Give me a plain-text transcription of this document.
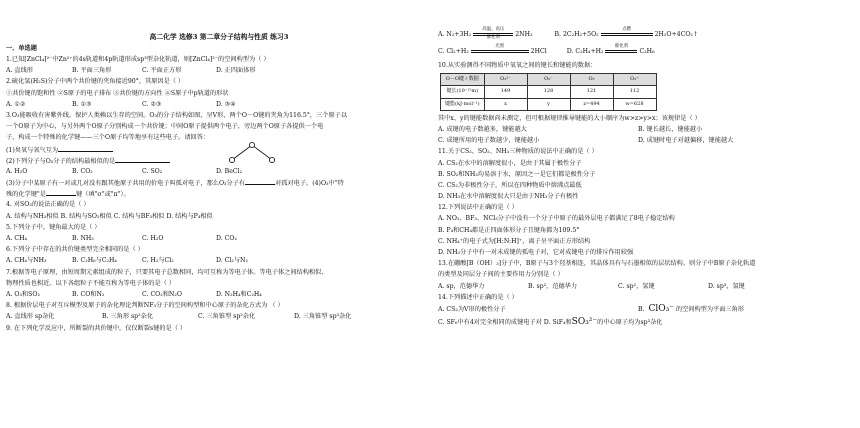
高二化学 选修3 第二章分子结构与性质 练习3
一、单选题
1.已知[ZnCl₄]²⁻中Zn²⁺的4s轨道和4p轨道形成sp³型杂化轨道，则[ZnCl₄]²⁻的空间构型为（ ）
A. 直线形	B. 平面三角形	C. 平面正方形	D. 正四面体形
2.硫化氢(H₂S)分子中两个共价键的夹角接近90°，其原因是（ ）
①共价键的饱和性 ②S原子的电子排布 ③共价键的方向性 ④S原子中p轨道的形状
A. ①②	B. ①③	C. ②③	D. ③④
3.O₃能吸收有害紫外线，保护人类赖以生存的空间。O₃的分子结构如图，呈V形，两个O－O键的夹角为116.5°，三个原子以
一个O原子为中心，与另外两个O原子分别构成一个共价键；中间O原子提供两个电子，旁边两个O原子各提供一个电
子，构成一个特殊的化学键——三个O原子均等地享有这些电子。请回答：
(1)臭氧与氧气互为
(2)下列分子与O₃分子的结构最相似的是
A. H₂O	B. CO₂	C. SO₂	D. BeCl₂
(3)分子中某原子有一对或几对没有跟其他原子共用的价电子叫孤对电子，那么O₃分子有	对孤对电子。(4)O₃中"特
殊的化学键"是	键（填"σ"或"π"）。
4. 对SO₃的说法正确的是（ ）
A. 结构与NH₃相似 B. 结构与SO₂相似 C. 结构与BF₃相似 D. 结构与P₄相似
5.下列分子中，键角最大的是（ ）
A. CH₄	B. NH₃	C. H₂O	D. CO₂
6.下列分子中存在的共价键类型完全相同的是（ ）
A. CH₄与NH₃	B. C₂H₆与C₂H₄	C. H₂与Cl₂	D. Cl₂与N₂
7.根据等电子原理，由短周期元素组成的粒子，只要其电子总数相同，均可互称为等电子体。等电子体之间结构相似、
物理性质也相近。以下各组粒子不能互称为等电子体的是（ ）
A. O₃和SO₂	B. CO和N₂	C. CO₂和N₂O	D. N₂H₄和C₂H₄
8. 根据价层电子对互斥模型及原子的杂化理论判断NF₃分子的空间构型和中心原子的杂化方式为 （ ）
A. 直线形 sp杂化	B. 三角形 sp²杂化	C. 三角锥型 sp²杂化	D. 三角锥型 sp³杂化
9. 在下列化学反应中，所断裂的共价键中，仅仅断裂s键的是（ ）
A. N₂+3H₂ 高温、高压

催化剂 2NH₃	B. 2C₂H₂+5O₂ 点燃

2H₂O+4CO₂↑
C. Cl₂+H₂ 光照

2HCl	D. C₂H₄+H₂ 催化剂

C₂H₆
10.从实验测得不同物质中氧氧之间的键长和键能的数据：
O－O键 / 数据	O₂²⁻	O₂⁻	O₂	O₂⁺
键长(10⁻¹²m)	149	128	121	112
键能(kJ·mol⁻¹)	x	y	z=494	w=628
其中x、y的键能数据尚未测定，但可根据规律推导键能的大小顺序为w>z>y>x；该规律是（ ）
A. 成键的电子数越多，键能越大	B. 键长越长，键能越小
C. 成键所用的电子数越少，键能越小	D. 成键时电子对越偏移，键能越大
11.关于CS₂、SO₂、NH₃三种物质的说法中正确的是（ ）
A. CS₂在水中的溶解度很小，是由于其属于极性分子
B. SO₂和NH₃均易溶于水，原因之一是它们都是极性分子
C. CS₂为非极性分子，所以在四种物质中熔沸点最低
D. NH₃在水中溶解度很大只是由于NH₃分子有极性
12.下列说法中正确的是（ ）
A. NO₂、BF₃、NCl₃分子中没有一个分子中原子的最外层电子都满足了8电子稳定结构
B. P₄和CH₄都是正四面体形分子且键角都为109.5°
C. NH₄⁺的电子式为[H:N:H]⁺，离子呈平面正方形结构
D. NH₃分子中有一对未成键的孤电子对，它对成键电子的排斥作用较强
13.在硼酸[B（OH）₃]分子中，B原子与3个羟基相连，其晶体具有与石墨相似的层状结构。则分子中B原子杂化轨道
的类型及同层分子间的主要作用力分别是（ ）
A. sp，范德华力	B. sp²，范德华力	C. sp²，氢键	D. sp³，氢键
14.下列描述中正确的是（ ）
A. CS₂为V形的极性分子	B. ClO₃⁻ 的空间构型为平面三角形
C. SF₆中有4对完全相同的成键电子对 D. SiF₄和SO₃²⁻的中心原子均为sp³杂化
